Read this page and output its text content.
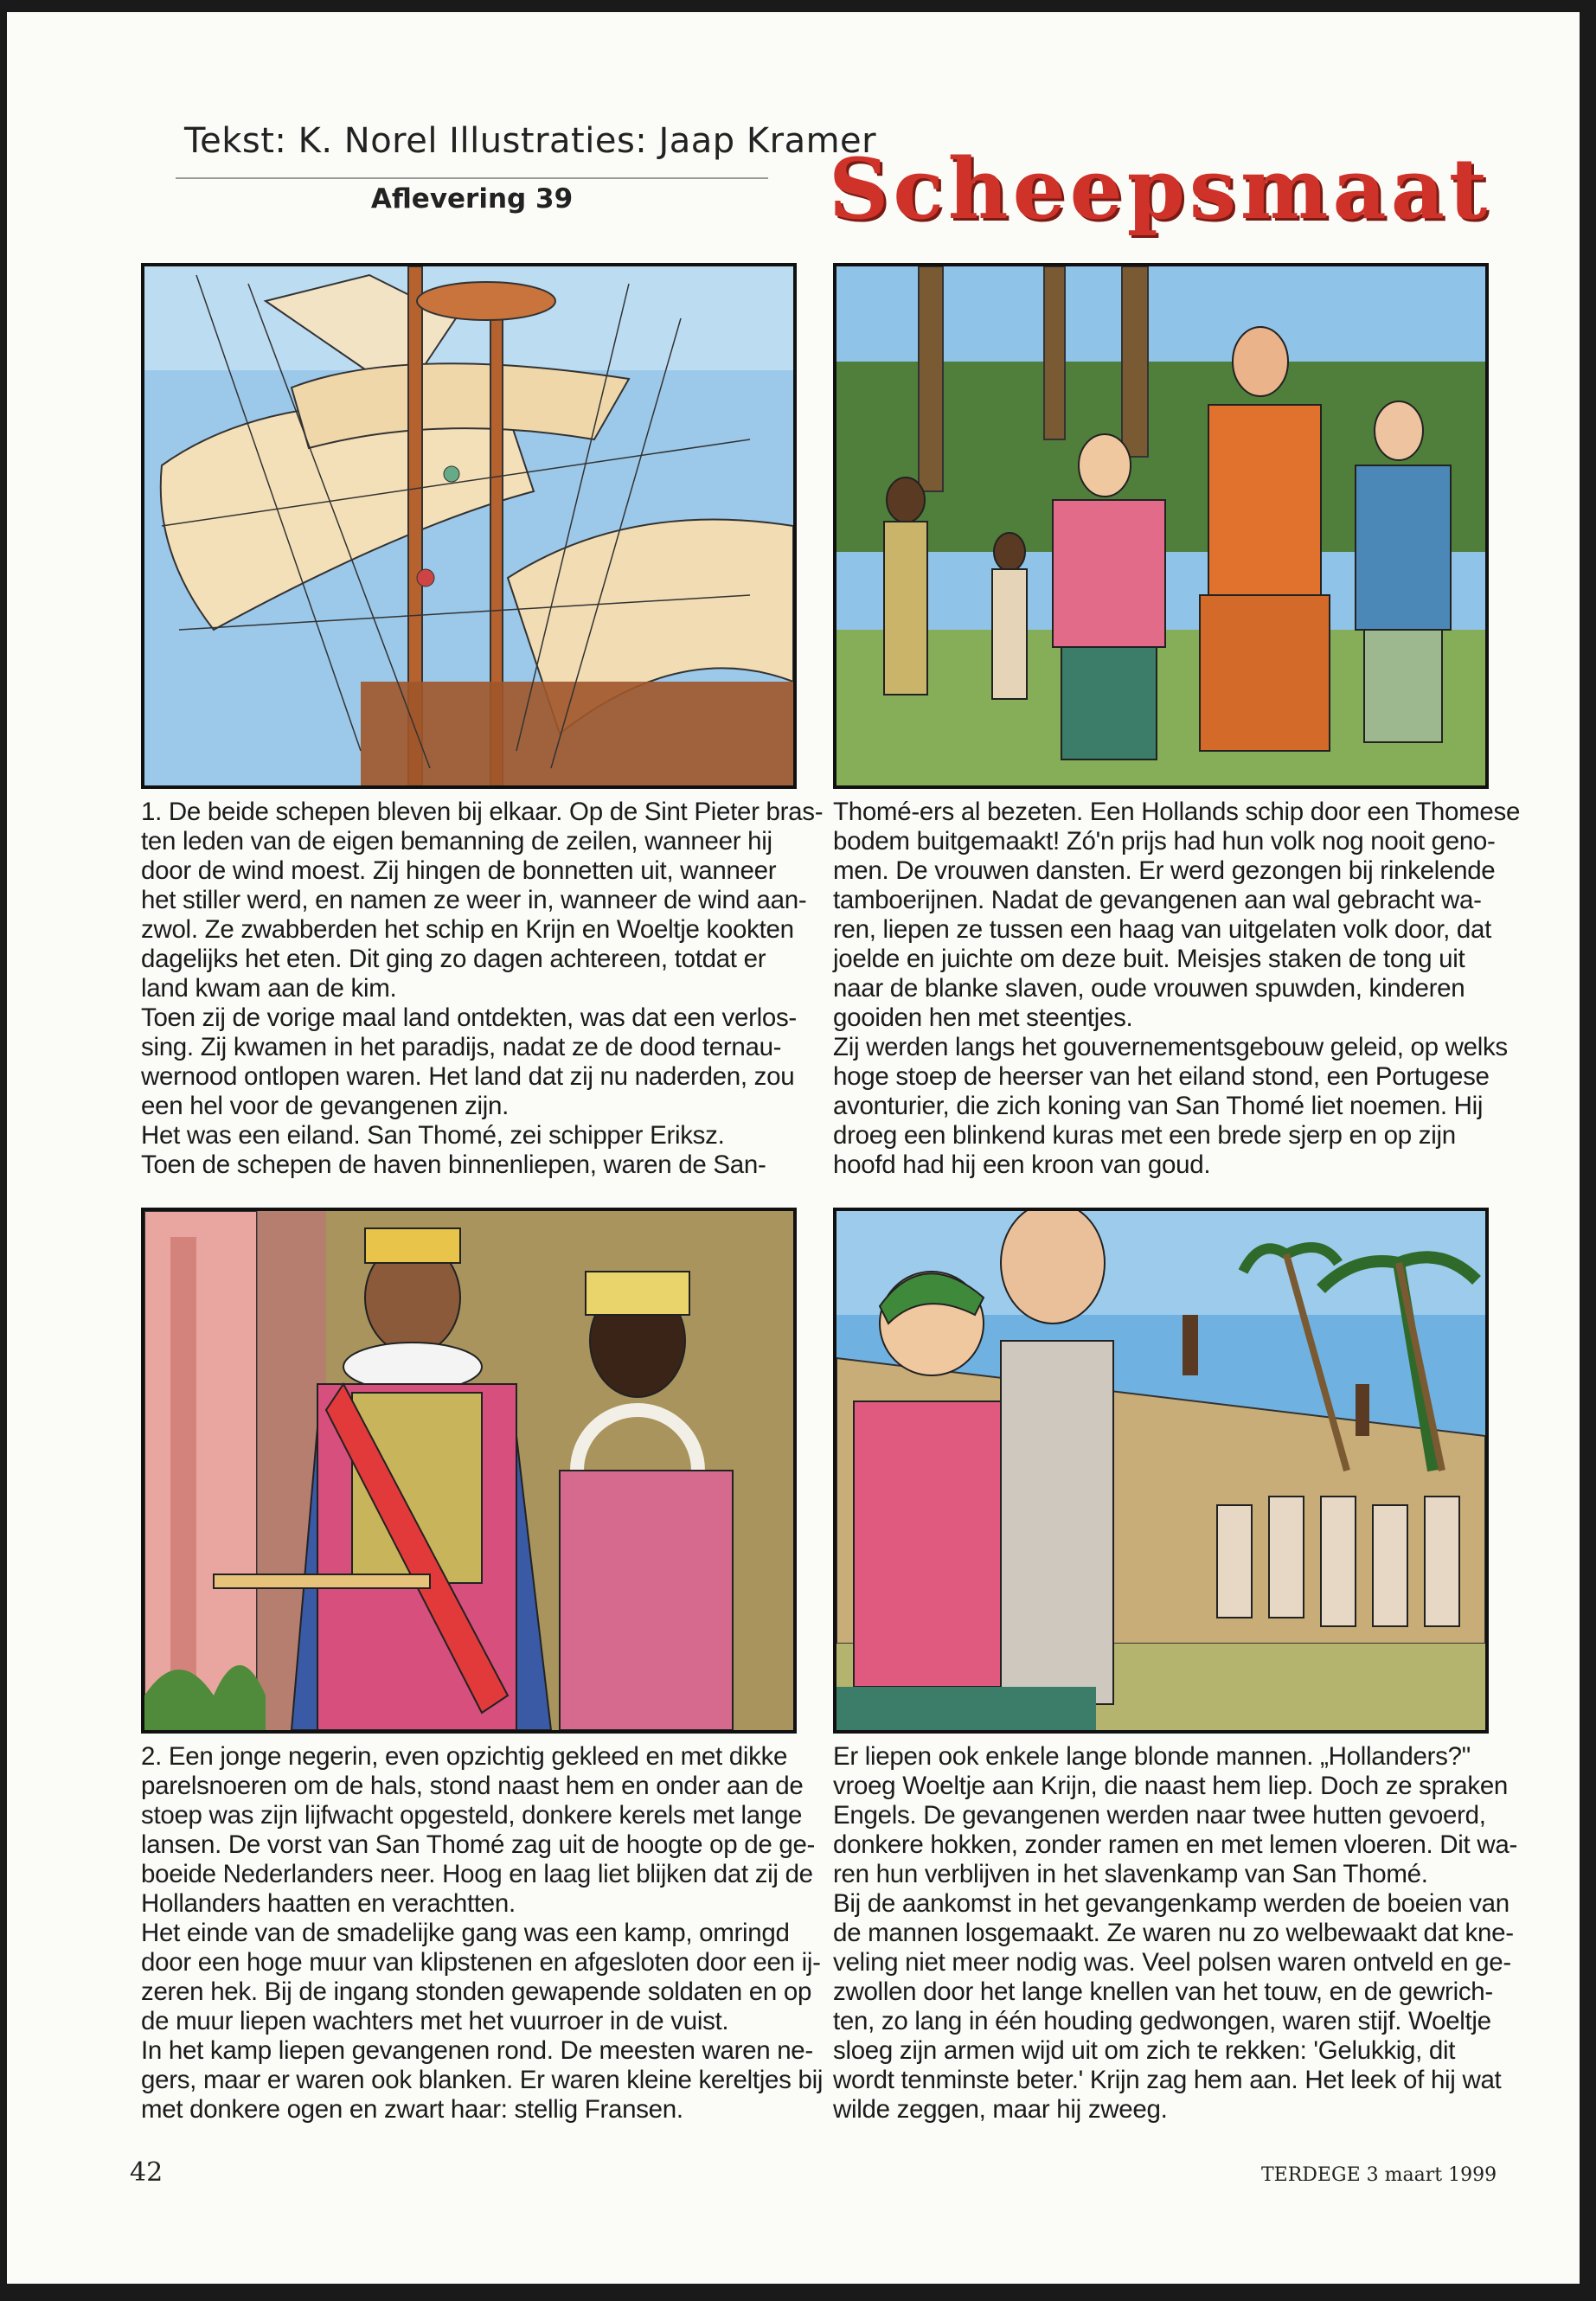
Tekst: K. Norel Illustraties: Jaap Kramer
Aflevering 39	Scheepsmaat

1. De beide schepen bleven bij elkaar. Op de Sint Pieter bras-

ten leden van de eigen bemanning de zeilen, wanneer hij

door de wind moest. Zij hingen de bonnetten uit, wanneer

het stiller werd, en namen ze weer in, wanneer de wind aan-

zwol. Ze zwabberden het schip en Krijn en Woeltje kookten

dagelijks het eten. Dit ging zo dagen achtereen, totdat er

land kwam aan de kim.

Toen zij de vorige maal land ontdekten, was dat een verlos-

sing. Zij kwamen in het paradijs, nadat ze de dood ternau-

wernood ontlopen waren. Het land dat zij nu naderden, zou

een hel voor de gevangenen zijn.

Het was een eiland. San Thomé, zei schipper Eriksz.

Toen de schepen de haven binnenliepen, waren de San-

Thomé-ers al bezeten. Een Hollands schip door een Thomese

bodem buitgemaakt! Zó'n prijs had hun volk nog nooit geno-

men. De vrouwen dansten. Er werd gezongen bij rinkelende

tamboerijnen. Nadat de gevangenen aan wal gebracht wa-

ren, liepen ze tussen een haag van uitgelaten volk door, dat

joelde en juichte om deze buit. Meisjes staken de tong uit

naar de blanke slaven, oude vrouwen spuwden, kinderen

gooiden hen met steentjes.

Zij werden langs het gouvernementsgebouw geleid, op welks

hoge stoep de heerser van het eiland stond, een Portugese

avonturier, die zich koning van San Thomé liet noemen. Hij

droeg een blinkend kuras met een brede sjerp en op zijn

hoofd had hij een kroon van goud.

2. Een jonge negerin, even opzichtig gekleed en met dikke

parelsnoeren om de hals, stond naast hem en onder aan de

stoep was zijn lijfwacht opgesteld, donkere kerels met lange

lansen. De vorst van San Thomé zag uit de hoogte op de ge-

boeide Nederlanders neer. Hoog en laag liet blijken dat zij de

Hollanders haatten en verachtten.

Het einde van de smadelijke gang was een kamp, omringd

door een hoge muur van klipstenen en afgesloten door een ij-

zeren hek. Bij de ingang stonden gewapende soldaten en op

de muur liepen wachters met het vuurroer in de vuist.

In het kamp liepen gevangenen rond. De meesten waren ne-

gers, maar er waren ook blanken. Er waren kleine kereltjes bij

met donkere ogen en zwart haar: stellig Fransen.

Er liepen ook enkele lange blonde mannen. „Hollanders?"

vroeg Woeltje aan Krijn, die naast hem liep. Doch ze spraken

Engels. De gevangenen werden naar twee hutten gevoerd,

donkere hokken, zonder ramen en met lemen vloeren. Dit wa-

ren hun verblijven in het slavenkamp van San Thomé.

Bij de aankomst in het gevangenkamp werden de boeien van

de mannen losgemaakt. Ze waren nu zo welbewaakt dat kne-

veling niet meer nodig was. Veel polsen waren ontveld en ge-

zwollen door het lange knellen van het touw, en de gewrich-

ten, zo lang in één houding gedwongen, waren stijf. Woeltje

sloeg zijn armen wijd uit om zich te rekken: 'Gelukkig, dit

wordt tenminste beter.' Krijn zag hem aan. Het leek of hij wat

wilde zeggen, maar hij zweeg.

42	TERDEGE 3 maart 1999
